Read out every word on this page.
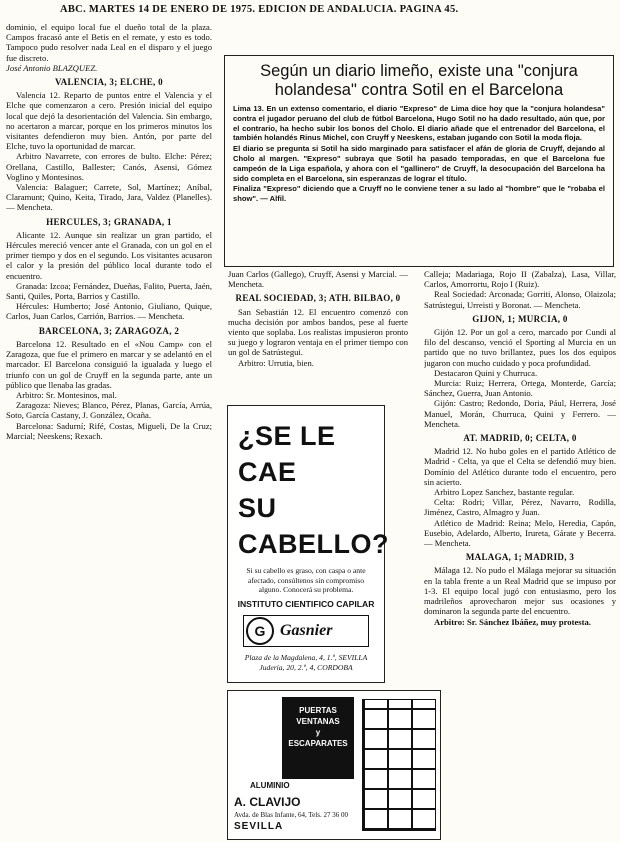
ABC. MARTES 14 DE ENERO DE 1975. EDICION DE ANDALUCIA. PAGINA 45.

dominio, el equipo local fue el dueño total de la plaza. Campos fracasó ante el Betis en el remate, y esto es todo. Tampoco pudo resolver nada Leal en el disparo y el juego fue discreto.

José Antonio BLAZQUEZ.

VALENCIA, 3; ELCHE, 0

Valencia 12. Reparto de puntos entre el Valencia y el Elche que comenzaron a cero. Presión inicial del equipo local que dejó la desorientación del Valencia. Sin embargo, no acertaron a marcar, porque en los primeros minutos los visitantes defendieron muy bien. Antón, por parte del Elche, tuvo la oportunidad de marcar.

Arbitro Navarrete, con errores de bulto. Elche: Pérez; Orellana, Castillo, Ballester; Canós, Asensi, Gómez Voglino y Montesinos.

Valencia: Balaguer; Carrete, Sol, Martínez; Aníbal, Claramunt; Quino, Keita, Tirado, Jara, Valdez (Planelles). — Mencheta.

HERCULES, 3; GRANADA, 1

Alicante 12. Aunque sin realizar un gran partido, el Hércules mereció vencer ante el Granada, con un gol en el primer tiempo y dos en el segundo. Los visitantes acusaron el calor y la presión del público local durante todo el encuentro.

Granada: Izcoa; Fernández, Dueñas, Falito, Puerta, Jaén, Santi, Quiles, Porta, Barrios y Castillo.

Hércules: Humberto; José Antonio, Giuliano, Quique, Carlos, Juan Carlos, Carrión, Barrios. — Mencheta.

BARCELONA, 3; ZARAGOZA, 2

Barcelona 12. Resultado en el «Nou Camp» con el Zaragoza, que fue el primero en marcar y se adelantó en el marcador. El Barcelona consiguió la igualada y luego el triunfo con un gol de Cruyff en la segunda parte, ante un público que llenaba las gradas.

Arbitro: Sr. Montesinos, mal.

Zaragoza: Nieves; Blanco, Pérez, Planas, García, Arrúa, Soto, García Castany, J. González, Ocaña.

Barcelona: Sadurní; Rifé, Costas, Migueli, De la Cruz; Marcial; Neeskens; Rexach.

Según un diario limeño, existe una "conjura holandesa" contra Sotil en el Barcelona

Lima 13. En un extenso comentario, el diario "Expreso" de Lima dice hoy que la "conjura holandesa" contra el jugador peruano del club de fútbol Barcelona, Hugo Sotil no ha dado resultado, aún que, por el contrario, ha hecho subir los bonos del Cholo. El diario añade que el entrenador del Barcelona, el también holandés Rinus Michel, con Cruyff y Neeskens, estaban jugando con Sotil la moda floja.

El diario se pregunta si Sotil ha sido marginado para satisfacer el afán de gloria de Cruyff, dejando al Cholo al margen. "Expreso" subraya que Sotil ha pasado temporadas, en que el Barcelona fue campeón de la Liga española, y ahora con el "gallinero" de Cruyff, la desocupación del Barcelona ha sido completa en el Barcelona, sin esperanzas de lograr el título.

Finaliza "Expreso" diciendo que a Cruyff no le conviene tener a su lado al "hombre" que le "robaba el show". — Alfil.

Juan Carlos (Gallego), Cruyff, Asensi y Marcial. — Mencheta.

REAL SOCIEDAD, 3; ATH. BILBAO, 0

San Sebastián 12. El encuentro comenzó con mucha decisión por ambos bandos, pese al fuerte viento que soplaba. Los realistas impusieron pronto su juego y lograron ventaja en el primer tiempo con un gol de Satrústegui.

Arbitro: Urrutia, bien.

Calleja; Madariaga, Rojo II (Zabalza), Lasa, Villar, Carlos, Amorrortu, Rojo I (Ruiz).

Real Sociedad: Arconada; Gorriti, Alonso, Olaizola; Satrústegui, Urreisti y Boronat. — Mencheta.

GIJON, 1; MURCIA, 0

Gijón 12. Por un gol a cero, marcado por Cundi al filo del descanso, venció el Sporting al Murcia en un partido que no tuvo brillantez, pues los dos equipos jugaron con mucho cuidado y poca profundidad.

Destacaron Quini y Churruca.

Murcia: Ruiz; Herrera, Ortega, Monterde, García; Sánchez, Guerra, Juan Antonio.

Gijón: Castro; Redondo, Doria, Pául, Herrera, José Manuel, Morán, Churruca, Quini y Ferrero. — Mencheta.

AT. MADRID, 0; CELTA, 0

Madrid 12. No hubo goles en el partido Atlético de Madrid - Celta, ya que el Celta se defendió muy bien. Domínio del Atlético durante todo el encuentro, pero sin acierto.

Arbitro Lopez Sanchez, bastante regular.

Celta: Rodri; Villar, Pérez, Navarro, Rodilla, Jiménez, Castro, Almagro y Juan.

Atlético de Madrid: Reina; Melo, Heredia, Capón, Eusebio, Adelardo, Alberto, Irureta, Gárate y Becerra. — Mencheta.

MALAGA, 1; MADRID, 3

Málaga 12. No pudo el Málaga mejorar su situación en la tabla frente a un Real Madrid que se impuso por 1-3. El equipo local jugó con entusiasmo, pero los madrileños aprovecharon mejor sus ocasiones y dominaron la segunda parte del encuentro.

Arbitro: Sr. Sánchez Ibáñez, muy protesta.

¿SE LE CAE
SU
CABELLO?
Si su cabello es graso, con caspa o ante afectado, consúltenos sin compromiso alguno. Conocerá su problema.
INSTITUTO CIENTIFICO CAPILAR
G Gasnier
Plaza de la Magdalena, 4, 1.º, SEVILLA
Judería, 20, 2.º, 4, CORDOBA
PUERTAS
VENTANAS
y
ESCAPARATES
ALUMINIO
A. CLAVIJO
Avda. de Blas Infante, 64, Tels. 27 36 00
SEVILLA
